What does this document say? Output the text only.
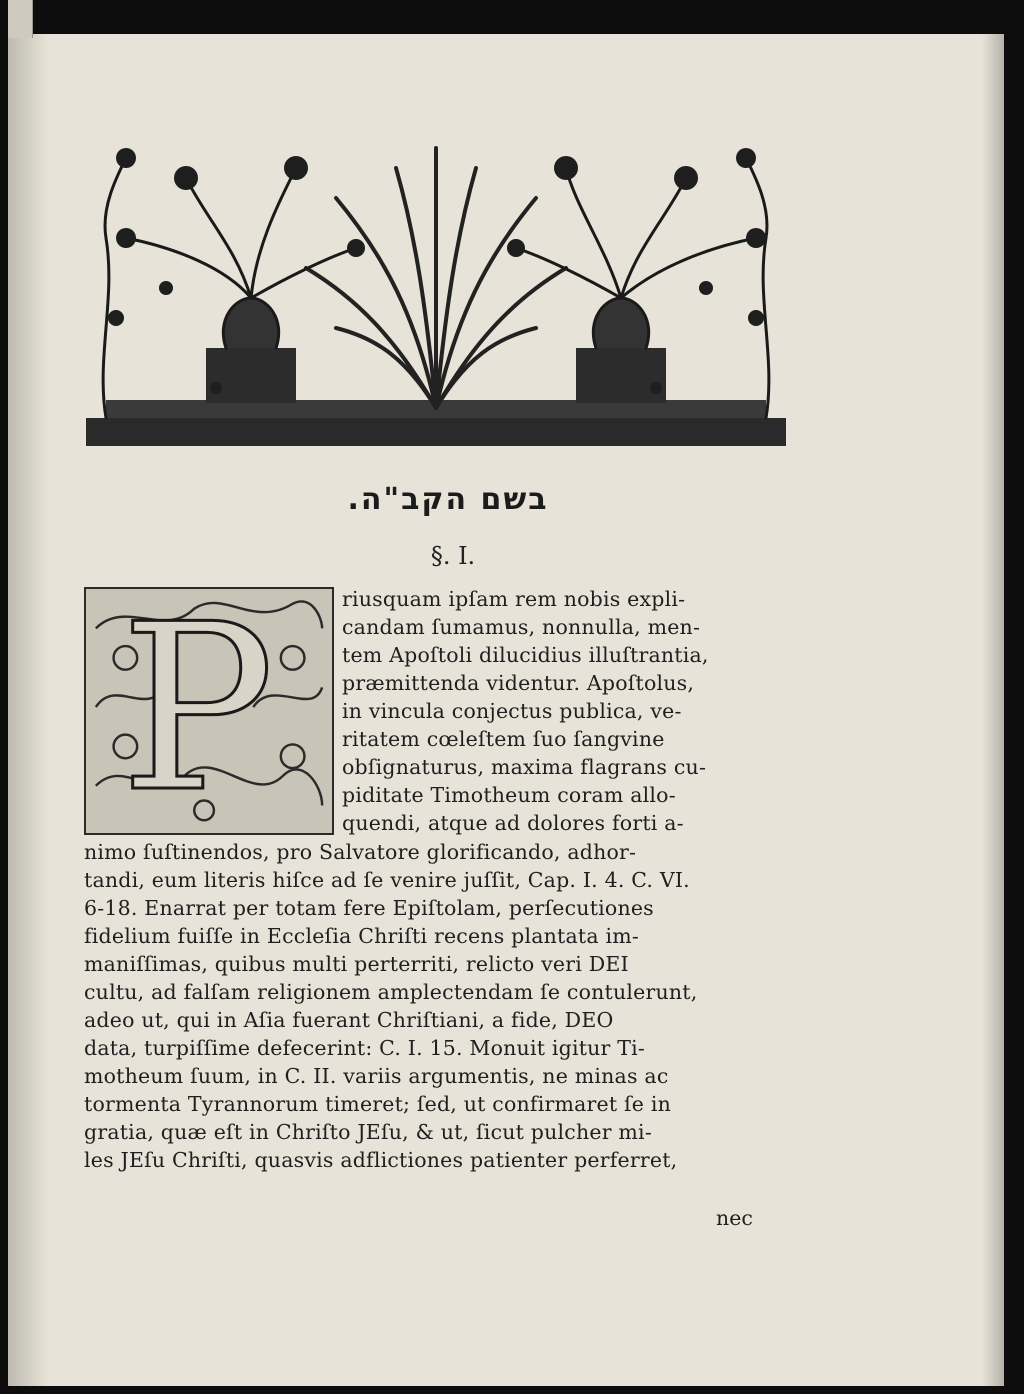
בשם הקב"ה.
§. I.
P	riusquam ipſam rem nobis expli-
candam ſumamus, nonnulla, men-
tem Apoſtoli dilucidius illuſtrantia,
præmittenda videntur. Apoſtolus,
in vincula conjectus publica, ve-
ritatem cœleſtem ſuo ſangvine
obſignaturus, maxima flagrans cu-
piditate Timotheum coram allo-
quendi, atque ad dolores forti a-
nimo ſuſtinendos, pro Salvatore glorificando, adhor-
tandi, eum literis hiſce ad ſe venire juſſit, Cap. I. 4. C. VI.
6-18. Enarrat per totam fere Epiſtolam, perſecutiones
fidelium fuiſſe in Eccleſia Chriſti recens plantata im-
maniſſimas, quibus multi perterriti, relicto veri DEI
cultu, ad falſam religionem amplectendam ſe contulerunt,
adeo ut, qui in Aſia fuerant Chriſtiani, a fide, DEO
data, turpiſſime defecerint: C. I. 15. Monuit igitur Ti-
motheum ſuum, in C. II. variis argumentis, ne minas ac
tormenta Tyrannorum timeret; ſed, ut confirmaret ſe in
gratia, quæ eſt in Chriſto JEſu, & ut, ſicut pulcher mi-
les JEſu Chriſti, quasvis adflictiones patienter perferret,
nec
